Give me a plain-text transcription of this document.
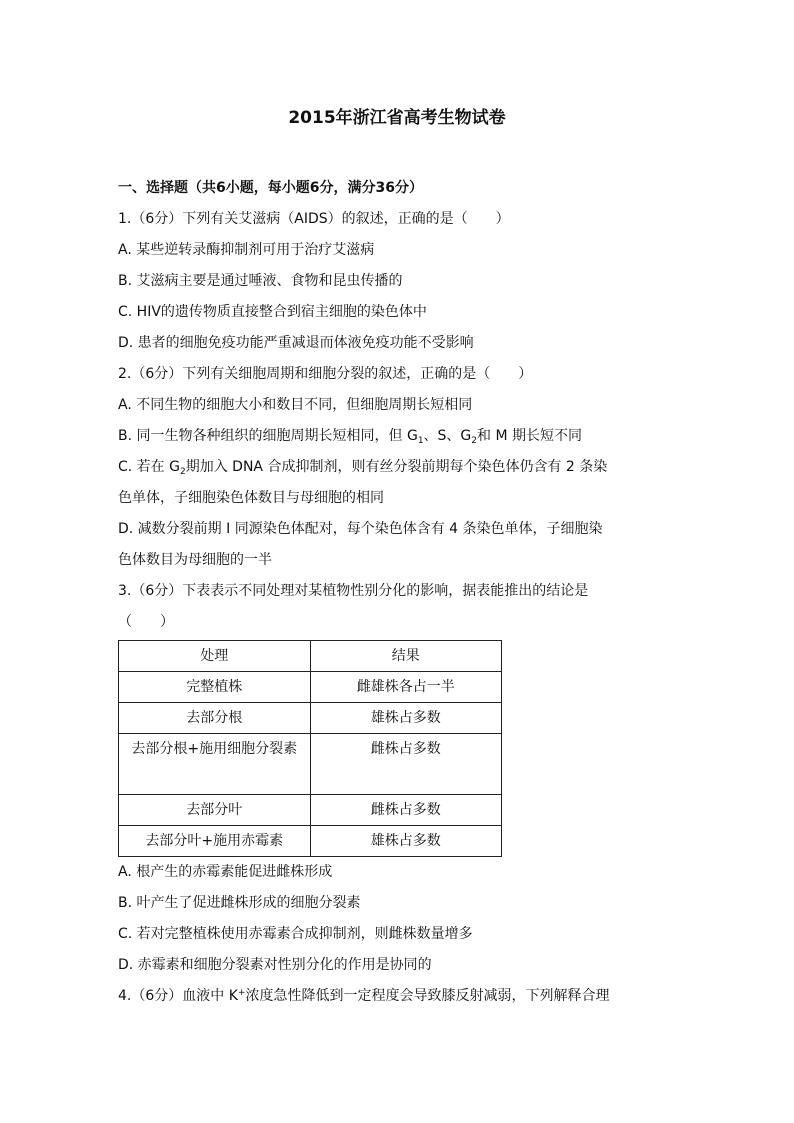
2015年浙江省高考生物试卷
一、选择题（共6小题，每小题6分，满分36分）
1.（6分）下列有关艾滋病（AIDS）的叙述，正确的是（　　）
A. 某些逆转录酶抑制剂可用于治疗艾滋病
B. 艾滋病主要是通过唾液、食物和昆虫传播的
C. HIV的遗传物质直接整合到宿主细胞的染色体中
D. 患者的细胞免疫功能严重减退而体液免疫功能不受影响
2.（6分）下列有关细胞周期和细胞分裂的叙述，正确的是（　　）
A. 不同生物的细胞大小和数目不同，但细胞周期长短相同
B. 同一生物各种组织的细胞周期长短相同，但 $G_1$、S、$G_2$和 M 期长短不同
C. 若在 $G_2$期加入 DNA 合成抑制剂，则有丝分裂前期每个染色体仍含有 2 条染
色单体，子细胞染色体数目与母细胞的相同
D. 减数分裂前期 I 同源染色体配对，每个染色体含有 4 条染色单体，子细胞染
色体数目为母细胞的一半
3.（6分）下表表示不同处理对某植物性别分化的影响，据表能推出的结论是
（　　）
处理	结果
完整植株	雌雄株各占一半
去部分根	雄株占多数
去部分根+施用细胞分裂素	雌株占多数
去部分叶	雌株占多数
去部分叶+施用赤霉素	雄株占多数
A. 根产生的赤霉素能促进雌株形成
B. 叶产生了促进雌株形成的细胞分裂素
C. 若对完整植株使用赤霉素合成抑制剂，则雌株数量增多
D. 赤霉素和细胞分裂素对性别分化的作用是协同的
4.（6分）血液中 K+浓度急性降低到一定程度会导致膝反射减弱，下列解释合理
